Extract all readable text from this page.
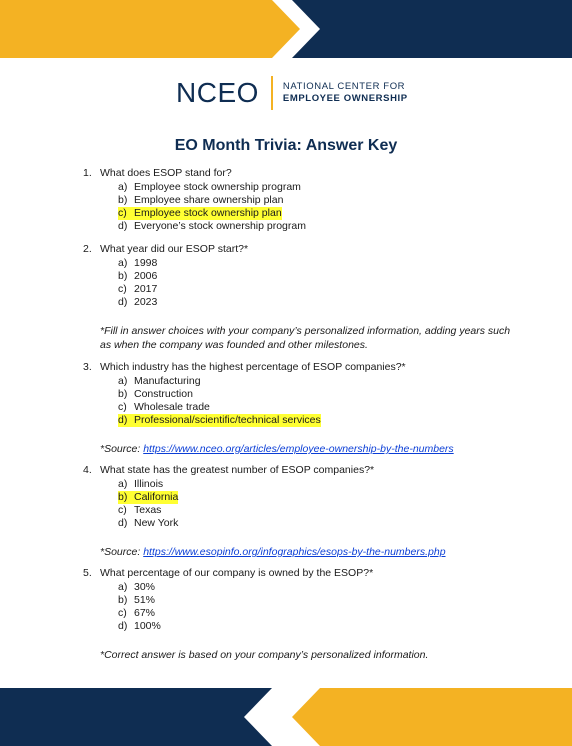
NCEO	NATIONAL CENTER FOR
EMPLOYEE OWNERSHIP
EO Month Trivia: Answer Key
1. What does ESOP stand for?
a) Employee stock ownership program
b) Employee share ownership plan
c) Employee stock ownership plan
d) Everyone’s stock ownership program
2. What year did our ESOP start?*
a) 1998
b) 2006
c) 2017
d) 2023
*Fill in answer choices with your company’s personalized information, adding years such as when the company was founded and other milestones.
3. Which industry has the highest percentage of ESOP companies?*
a) Manufacturing
b) Construction
c) Wholesale trade
d) Professional/scientific/technical services
*Source: https://www.nceo.org/articles/employee-ownership-by-the-numbers
4. What state has the greatest number of ESOP companies?*
a) Illinois
b) California
c) Texas
d) New York
*Source: https://www.esopinfo.org/infographics/esops-by-the-numbers.php
5. What percentage of our company is owned by the ESOP?*
a) 30%
b) 51%
c) 67%
d) 100%
*Correct answer is based on your company’s personalized information.
